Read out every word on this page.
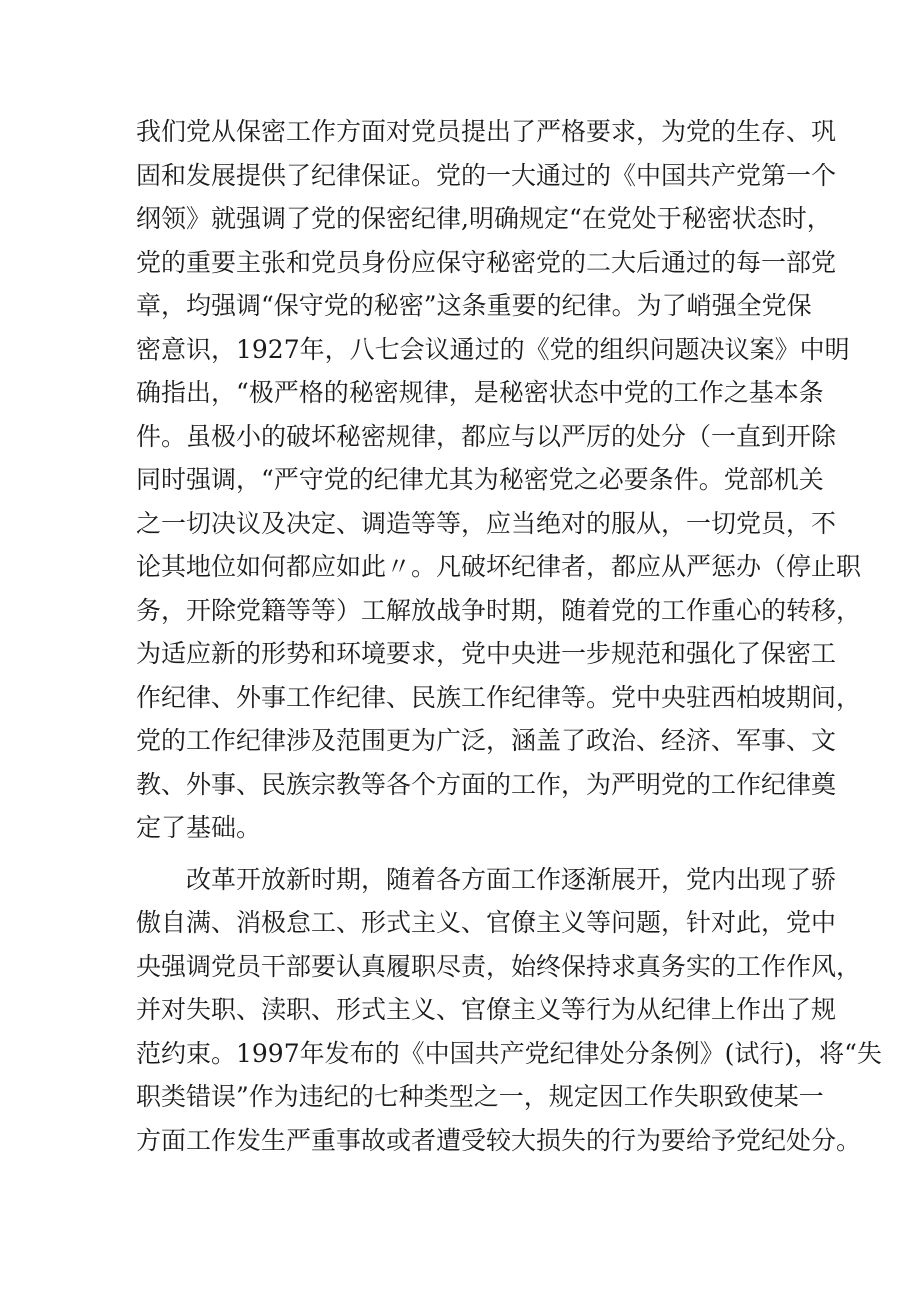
我们党从保密工作方面对党员提出了严格要求，为党的生存、巩
固和发展提供了纪律保证。党的一大通过的《中国共产党第一个
纲领》就强调了党的保密纪律,明确规定“在党处于秘密状态时，
党的重要主张和党员身份应保守秘密党的二大后通过的每一部党
章，均强调“保守党的秘密”这条重要的纪律。为了峭强全党保
密意识，1927年，八七会议通过的《党的组织问题决议案》中明
确指出，“极严格的秘密规律，是秘密状态中党的工作之基本条
件。虽极小的破坏秘密规律，都应与以严厉的处分（一直到开除
同时强调，“严守党的纪律尤其为秘密党之必要条件。党部机关
之一切决议及决定、调造等等，应当绝对的服从，一切党员，不
论其地位如何都应如此〃。凡破坏纪律者，都应从严惩办（停止职
务，开除党籍等等）工解放战争时期，随着党的工作重心的转移，
为适应新的形势和环境要求，党中央进一步规范和强化了保密工
作纪律、外事工作纪律、民族工作纪律等。党中央驻西柏坡期间，
党的工作纪律涉及范围更为广泛，涵盖了政治、经济、军事、文
教、外事、民族宗教等各个方面的工作，为严明党的工作纪律奠
定了基础。
改革开放新时期，随着各方面工作逐渐展开，党内出现了骄
傲自满、消极怠工、形式主义、官僚主义等问题，针对此，党中
央强调党员干部要认真履职尽责，始终保持求真务实的工作作风，
并对失职、渎职、形式主义、官僚主义等行为从纪律上作出了规
范约束。1997年发布的《中国共产党纪律处分条例》(试行)，将“失
职类错误”作为违纪的七种类型之一，规定因工作失职致使某一
方面工作发生严重事故或者遭受较大损失的行为要给予党纪处分。
